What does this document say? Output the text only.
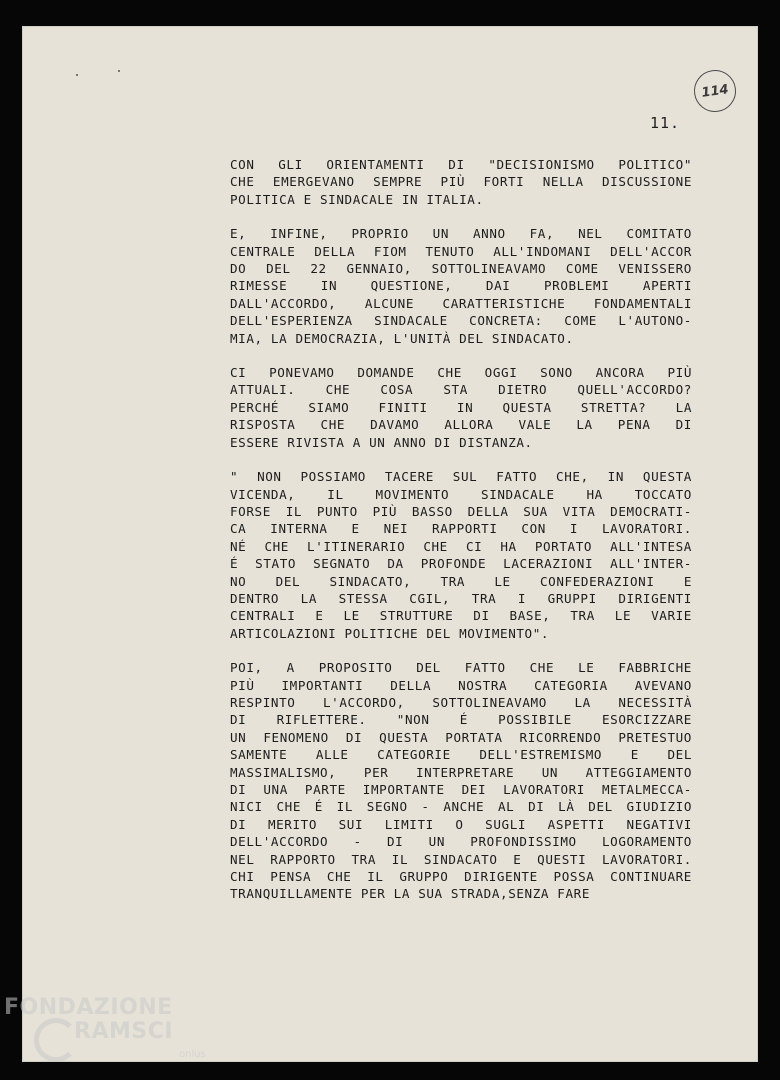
114
11.
CON GLI ORIENTAMENTI DI "DECISIONISMO POLITICO"
CHE EMERGEVANO SEMPRE PIÙ FORTI NELLA DISCUSSIONE
POLITICA E SINDACALE IN ITALIA.
E, INFINE, PROPRIO UN ANNO FA, NEL COMITATO
CENTRALE DELLA FIOM TENUTO ALL'INDOMANI DELL'ACCOR
DO DEL 22 GENNAIO, SOTTOLINEAVAMO COME VENISSERO
RIMESSE IN QUESTIONE, DAI PROBLEMI APERTI
DALL'ACCORDO, ALCUNE CARATTERISTICHE FONDAMENTALI
DELL'ESPERIENZA SINDACALE CONCRETA: COME L'AUTONO-
MIA, LA DEMOCRAZIA, L'UNITÀ DEL SINDACATO.
CI PONEVAMO DOMANDE CHE OGGI SONO ANCORA PIÙ
ATTUALI. CHE COSA STA DIETRO QUELL'ACCORDO?
PERCHÉ SIAMO FINITI IN QUESTA STRETTA? LA
RISPOSTA CHE DAVAMO ALLORA VALE LA PENA DI
ESSERE RIVISTA A UN ANNO DI DISTANZA.
" NON POSSIAMO TACERE SUL FATTO CHE, IN QUESTA
VICENDA, IL MOVIMENTO SINDACALE HA TOCCATO
FORSE IL PUNTO PIÙ BASSO DELLA SUA VITA DEMOCRATI-
CA INTERNA E NEI RAPPORTI CON I LAVORATORI.
NÉ CHE L'ITINERARIO CHE CI HA PORTATO ALL'INTESA
É STATO SEGNATO DA PROFONDE LACERAZIONI ALL'INTER-
NO DEL SINDACATO, TRA LE CONFEDERAZIONI E
DENTRO LA STESSA CGIL, TRA I GRUPPI DIRIGENTI
CENTRALI E LE STRUTTURE DI BASE, TRA LE VARIE
ARTICOLAZIONI POLITICHE DEL MOVIMENTO".
POI, A PROPOSITO DEL FATTO CHE LE FABBRICHE
PIÙ IMPORTANTI DELLA NOSTRA CATEGORIA AVEVANO
RESPINTO L'ACCORDO, SOTTOLINEAVAMO LA NECESSITÀ
DI RIFLETTERE. "NON É POSSIBILE ESORCIZZARE
UN FENOMENO DI QUESTA PORTATA RICORRENDO PRETESTUO
SAMENTE ALLE CATEGORIE DELL'ESTREMISMO E DEL
MASSIMALISMO, PER INTERPRETARE UN ATTEGGIAMENTO
DI UNA PARTE IMPORTANTE DEI LAVORATORI METALMECCA-
NICI CHE É IL SEGNO - ANCHE AL DI LÀ DEL GIUDIZIO
DI MERITO SUI LIMITI O SUGLI ASPETTI NEGATIVI
DELL'ACCORDO - DI UN PROFONDISSIMO LOGORAMENTO
NEL RAPPORTO TRA IL SINDACATO E QUESTI LAVORATORI.
CHI PENSA CHE IL GRUPPO DIRIGENTE POSSA CONTINUARE
TRANQUILLAMENTE PER LA SUA STRADA,SENZA FARE
FONDAZIONE
RAMSCI
onlus
